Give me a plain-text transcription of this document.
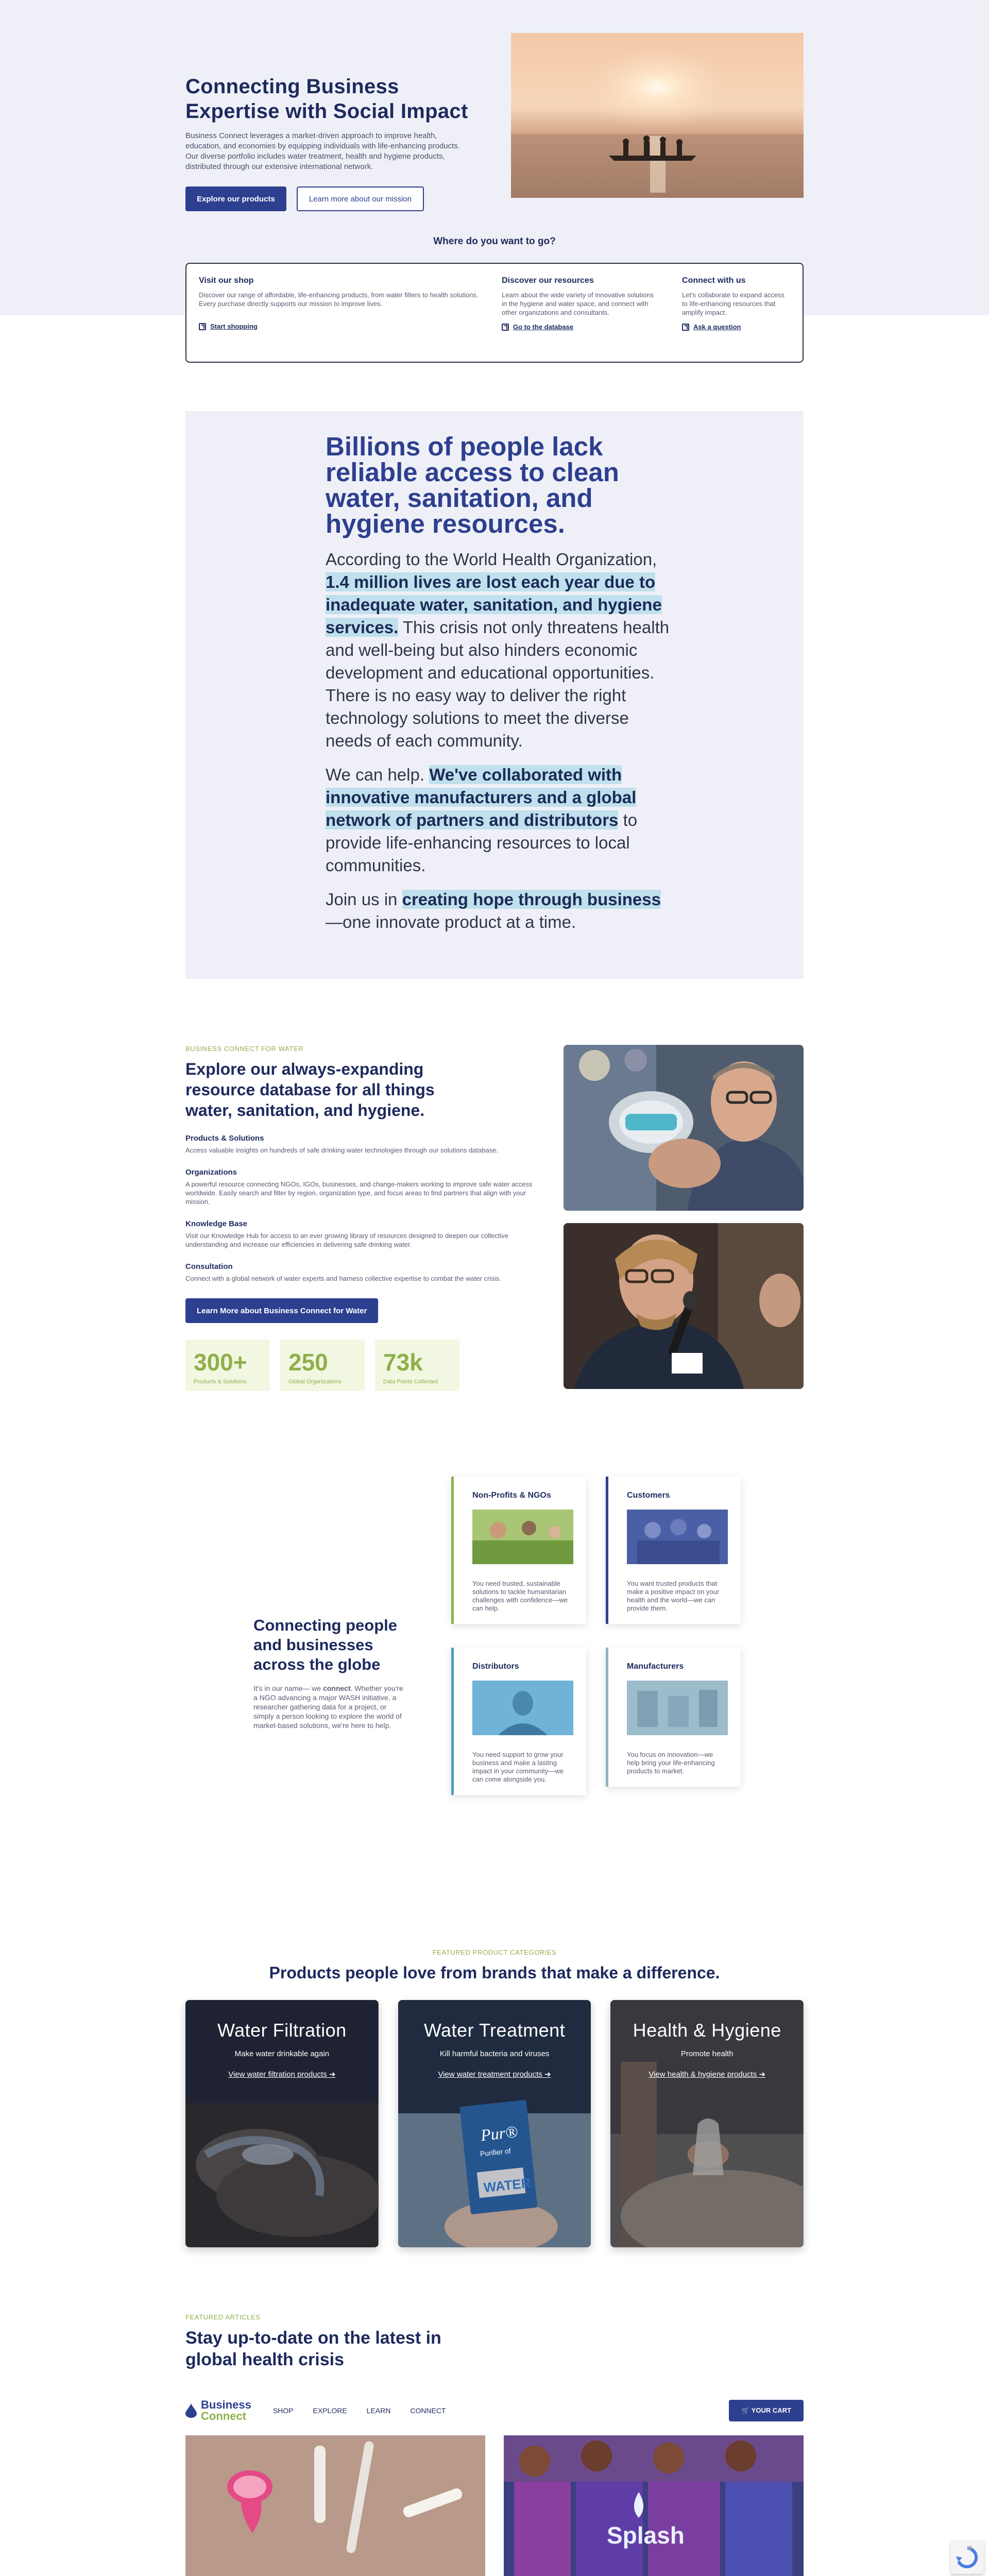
Connecting Business Expertise with Social Impact

Business Connect leverages a market-driven approach to improve health, education, and economies by equipping individuals with life-enhancing products. Our diverse portfolio includes water treatment, health and hygiene products, distributed through our extensive international network.

Explore our products	Learn more about our mission
Where do you want to go?
Visit our shop

Discover our range of affordable, life-enhancing products, from water filters to health solutions. Every purchase directly supports our mission to improve lives.

Start shopping
Discover our resources

Learn about the wide variety of innovative solutions in the hygiene and water space, and connect with other organizations and consultants.

Go to the database
Connect with us

Let's collaborate to expand access to life-enhancing resources that amplify impact.

Ask a question
Billions of people lack reliable access to clean water, sanitation, and hygiene resources.

According to the World Health Organization, 1.4 million lives are lost each year due to inadequate water, sanitation, and hygiene services. This crisis not only threatens health and well-being but also hinders economic development and educational opportunities. There is no easy way to deliver the right technology solutions to meet the diverse needs of each community.

We can help. We've collaborated with innovative manufacturers and a global network of partners and distributors to provide life-enhancing resources to local communities.

Join us in creating hope through business—one innovate product at a time.

BUSINESS CONNECT FOR WATER
Explore our always-expanding resource database for all things water, sanitation, and hygiene.
Products & Solutions

Access valuable insights on hundreds of safe drinking water technologies through our solutions database.

Organizations

A powerful resource connecting NGOs, IGOs, businesses, and change-makers working to improve safe water access worldwide. Easily search and filter by region, organization type, and focus areas to find partners that align with your mission.

Knowledge Base

Visit our Knowledge Hub for access to an ever growing library of resources designed to deepen our collective understanding and increase our efficiencies in delivering safe drinking water.

Consultation

Connect with a global network of water experts and harness collective expertise to combat the water crisis.

Learn More about Business Connect for Water
300+
Products & Solutions
250
Global Organizations
73k
Data Points Collected
Connecting people and businesses across the globe

It's in our name— we connect. Whether you're a NGO advancing a major WASH initiative, a researcher gathering data for a project, or simply a person looking to explore the world of market-based solutions, we're here to help.

Non-Profits & NGOs

You need trusted, sustainable solutions to tackle humanitarian challenges with confidence—we can help.

Customers

You want trusted products that make a positive impact on your health and the world—we can provide them.

Distributors

You need support to grow your business and make a lasting impact in your community—we can come alongside you.

Manufacturers

You focus on innovation—we help bring your life-enhancing products to market.

FEATURED PRODUCT CATEGORIES
Products people love from brands that make a difference.
Water Filtration
Make water drinkable again
View water filtration products ➜
Pur®
Purifier of
WATER
Water Treatment
Kill harmful bacteria and viruses
View water treatment products ➜
Health & Hygiene
Promote health
View health & hygiene products ➜
FEATURED ARTICLES
Stay up-to-date on the latest in global health crisis
Business
Connect	SHOP	EXPLORE	LEARN	CONNECT	🛒 YOUR CART

Splash
